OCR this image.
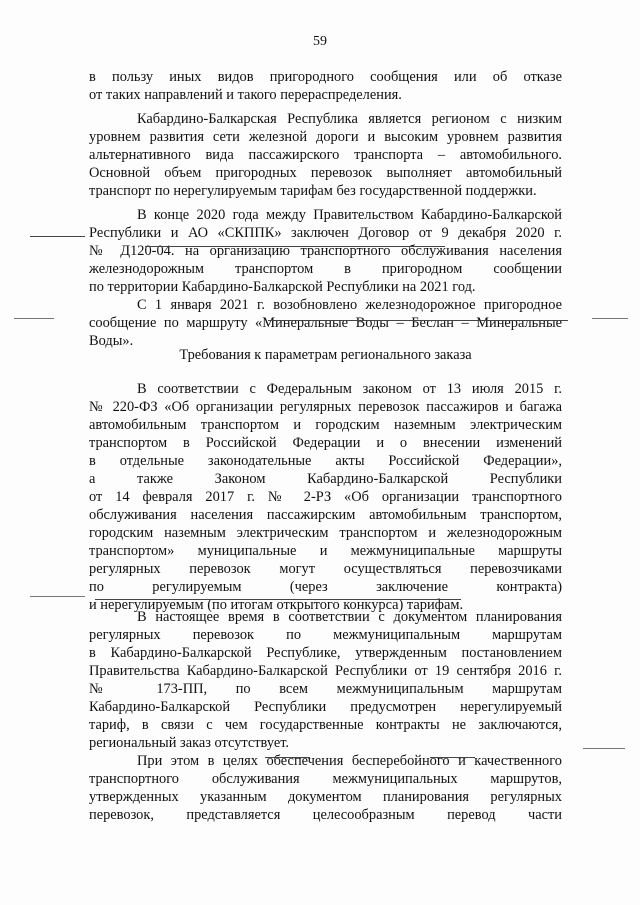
59
в пользу иных видов пригородного сообщения или об отказе
от таких направлений и такого перераспределения.
Кабардино-Балкарская Республика является регионом с низким
уровнем развития сети железной дороги и высоким уровнем развития
альтернативного вида пассажирского транспорта – автомобильного.
Основной объем пригородных перевозок выполняет автомобильный
транспорт по нерегулируемым тарифам без государственной поддержки.
В конце 2020 года между Правительством Кабардино-Балкарской
Республики и АО «СКППК» заключен Договор от 9 декабря 2020 г.
№ Д120-04. на организацию транспортного обслуживания населения
железнодорожным транспортом в пригородном сообщении
по территории Кабардино-Балкарской Республики на 2021 год.
С 1 января 2021 г. возобновлено железнодорожное пригородное
сообщение по маршруту «Минеральные Воды – Беслан – Минеральные
Воды».
Требования к параметрам регионального заказа
В соответствии с Федеральным законом от 13 июля 2015 г.
№ 220-ФЗ «Об организации регулярных перевозок пассажиров и багажа
автомобильным транспортом и городским наземным электрическим
транспортом в Российской Федерации и о внесении изменений
в отдельные законодательные акты Российской Федерации»,
а также Законом Кабардино-Балкарской Республики
от 14 февраля 2017 г. № 2-РЗ «Об организации транспортного
обслуживания населения пассажирским автомобильным транспортом,
городским наземным электрическим транспортом и железнодорожным
транспортом» муниципальные и межмуниципальные маршруты
регулярных перевозок могут осуществляться перевозчиками
по регулируемым (через заключение контракта)
и нерегулируемым (по итогам открытого конкурса) тарифам.
В настоящее время в соответствии с документом планирования
регулярных перевозок по межмуниципальным маршрутам
в Кабардино-Балкарской Республике, утвержденным постановлением
Правительства Кабардино-Балкарской Республики от 19 сентября 2016 г.
№ 173-ПП, по всем межмуниципальным маршрутам
Кабардино-Балкарской Республики предусмотрен нерегулируемый
тариф, в связи с чем государственные контракты не заключаются,
региональный заказ отсутствует.
При этом в целях обеспечения бесперебойного и качественного
транспортного обслуживания межмуниципальных маршрутов,
утвержденных указанным документом планирования регулярных
перевозок, представляется целесообразным перевод части
